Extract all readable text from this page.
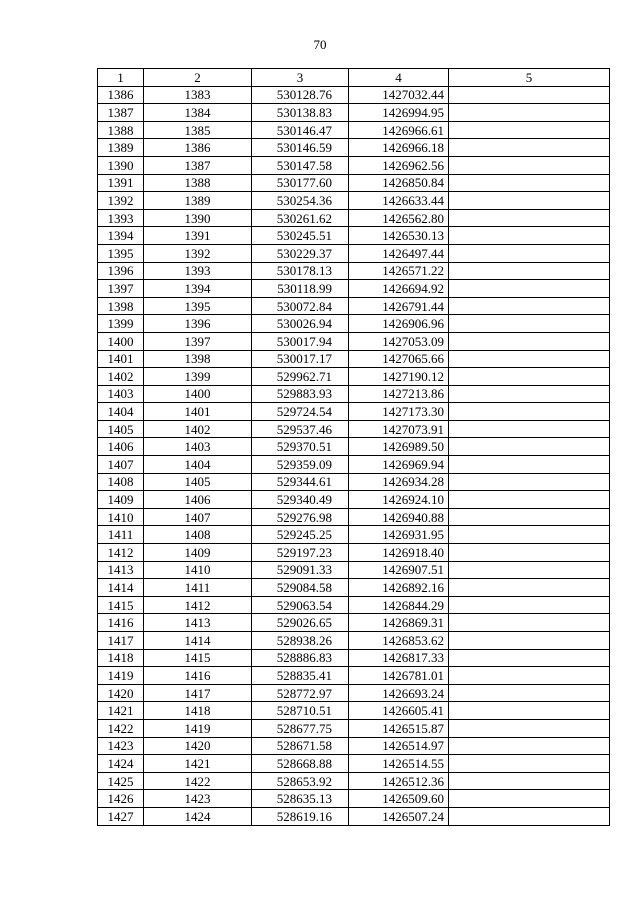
70
1	2	3	4	5
1386	1383	530128.76	1427032.44	
1387	1384	530138.83	1426994.95	
1388	1385	530146.47	1426966.61	
1389	1386	530146.59	1426966.18	
1390	1387	530147.58	1426962.56	
1391	1388	530177.60	1426850.84	
1392	1389	530254.36	1426633.44	
1393	1390	530261.62	1426562.80	
1394	1391	530245.51	1426530.13	
1395	1392	530229.37	1426497.44	
1396	1393	530178.13	1426571.22	
1397	1394	530118.99	1426694.92	
1398	1395	530072.84	1426791.44	
1399	1396	530026.94	1426906.96	
1400	1397	530017.94	1427053.09	
1401	1398	530017.17	1427065.66	
1402	1399	529962.71	1427190.12	
1403	1400	529883.93	1427213.86	
1404	1401	529724.54	1427173.30	
1405	1402	529537.46	1427073.91	
1406	1403	529370.51	1426989.50	
1407	1404	529359.09	1426969.94	
1408	1405	529344.61	1426934.28	
1409	1406	529340.49	1426924.10	
1410	1407	529276.98	1426940.88	
1411	1408	529245.25	1426931.95	
1412	1409	529197.23	1426918.40	
1413	1410	529091.33	1426907.51	
1414	1411	529084.58	1426892.16	
1415	1412	529063.54	1426844.29	
1416	1413	529026.65	1426869.31	
1417	1414	528938.26	1426853.62	
1418	1415	528886.83	1426817.33	
1419	1416	528835.41	1426781.01	
1420	1417	528772.97	1426693.24	
1421	1418	528710.51	1426605.41	
1422	1419	528677.75	1426515.87	
1423	1420	528671.58	1426514.97	
1424	1421	528668.88	1426514.55	
1425	1422	528653.92	1426512.36	
1426	1423	528635.13	1426509.60	
1427	1424	528619.16	1426507.24	
